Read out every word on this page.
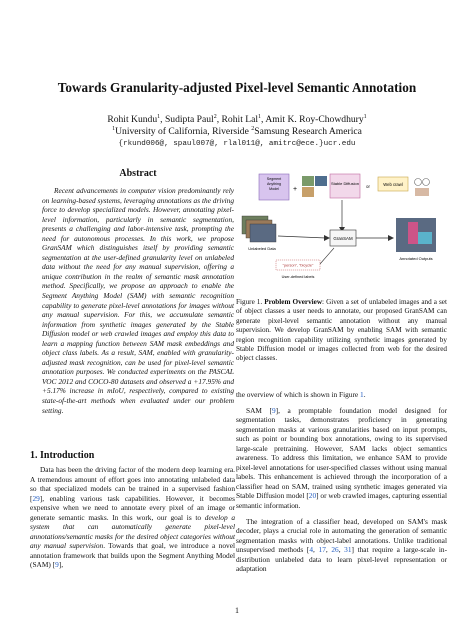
Towards Granularity-adjusted Pixel-level Semantic Annotation
Rohit Kundu$^1$, Sudipta Paul$^2$, Rohit Lal$^1$, Amit K. Roy-Chowdhury$^1$
$^1$University of California, Riverside $^2$Samsung Research America
{rkund006@, spaul007@, rlal011@, amitrc@ece.}ucr.edu
Abstract

Recent advancements in computer vision predominantly rely on learning-based systems, leveraging annotations as the driving force to develop specialized models. However, annotating pixel-level information, particularly in semantic segmentation, presents a challenging and labor-intensive task, prompting the need for autonomous processes. In this work, we propose GranSAM which distinguishes itself by providing semantic segmentation at the user-defined granularity level on unlabeled data without the need for any manual supervision, offering a unique contribution in the realm of semantic mask annotation method. Specifically, we propose an approach to enable the Segment Anything Model (SAM) with semantic recognition capability to generate pixel-level annotations for images without any manual supervision. For this, we accumulate semantic information from synthetic images generated by the Stable Diffusion model or web crawled images and employ this data to learn a mapping function between SAM mask embeddings and object class labels. As a result, SAM, enabled with granularity-adjusted mask recognition, can be used for pixel-level semantic annotation purposes. We conducted experiments on the PASCAL VOC 2012 and COCO-80 datasets and observed a +17.95% and +5.17% increase in mIoU, respectively, compared to existing state-of-the-art methods when evaluated under our problem setting.

1. Introduction

Data has been the driving factor of the modern deep learning era. A tremendous amount of effort goes into annotating unlabeled data so that specialized models can be trained in a supervised fashion [29], enabling various task capabilities. However, it becomes expensive when we need to annotate every pixel of an image or generate semantic masks. In this work, our goal is to develop a system that can automatically generate pixel-level annotations/semantic masks for the desired object categories without any manual supervision. Towards that goal, we introduce a novel annotation framework that builds upon the Segment Anything Model (SAM) [9],

Segment Anything Model	+
Stable Diffusion
or	Web crawl
Unlabeled Data
GranSAM
Annotated Outputs
"person", "bicycle"
User-defined labels
Figure 1. Problem Overview: Given a set of unlabeled images and a set of object classes a user needs to annotate, our proposed GranSAM can generate pixel-level semantic annotation without any manual supervision. We develop GranSAM by enabling SAM with semantic region recognition capability utilizing synthetic images generated by Stable Diffusion model or images collected from web for the desired object classes.

the overview of which is shown in Figure 1.

SAM [9], a promptable foundation model designed for segmentation tasks, demonstrates proficiency in generating segmentation masks at various granularities based on input prompts, such as point or bounding box annotations, owing to its supervised large-scale pretraining. However, SAM lacks object semantics awareness. To address this limitation, we enhance SAM to provide pixel-level annotations for user-specified classes without using manual labels. This enhancement is achieved through the incorporation of a classifier head on SAM, trained using synthetic images generated via Stable Diffusion model [20] or web crawled images, capturing essential semantic information.

The integration of a classifier head, developed on SAM's mask decoder, plays a crucial role in automating the generation of semantic segmentation masks with object-label annotations. Unlike traditional unsupervised methods [4, 17, 26, 31] that require a large-scale in-distribution unlabeled data to learn pixel-level representation or adaptation

1
